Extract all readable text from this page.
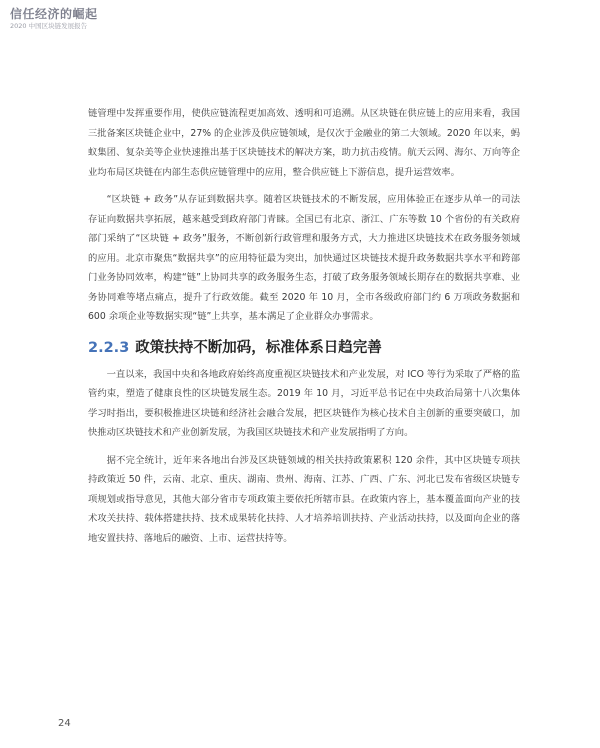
信任经济的崛起
2020 中国区块链发展报告

链管理中发挥重要作用，使供应链流程更加高效、透明和可追溯。从区块链在供应链上的应用来看，我国三批备案区块链企业中，27% 的企业涉及供应链领域，是仅次于金融业的第二大领域。2020 年以来，蚂蚁集团、复杂美等企业快速推出基于区块链技术的解决方案，助力抗击疫情。航天云网、海尔、万向等企业均布局区块链在内部生态供应链管理中的应用，整合供应链上下游信息，提升运营效率。

“区块链 + 政务”从存证到数据共享。随着区块链技术的不断发展，应用体验正在逐步从单一的司法存证向数据共享拓展，越来越受到政府部门青睐。全国已有北京、浙江、广东等数 10 个省份的有关政府部门采纳了“区块链 + 政务”服务，不断创新行政管理和服务方式，大力推进区块链技术在政务服务领域的应用。北京市聚焦“数据共享”的应用特征最为突出，加快通过区块链技术提升政务数据共享水平和跨部门业务协同效率，构建“链”上协同共享的政务服务生态，打破了政务服务领域长期存在的数据共享难、业务协同难等堵点痛点，提升了行政效能。截至 2020 年 10 月，全市各级政府部门约 6 万项政务数据和 600 余项企业等数据实现“链”上共享，基本满足了企业群众办事需求。

2.2.3 政策扶持不断加码，标准体系日趋完善

一直以来，我国中央和各地政府始终高度重视区块链技术和产业发展，对 ICO 等行为采取了严格的监管约束，塑造了健康良性的区块链发展生态。2019 年 10 月，习近平总书记在中央政治局第十八次集体学习时指出，要积极推进区块链和经济社会融合发展，把区块链作为核心技术自主创新的重要突破口，加快推动区块链技术和产业创新发展，为我国区块链技术和产业发展指明了方向。

据不完全统计，近年来各地出台涉及区块链领域的相关扶持政策累积 120 余件，其中区块链专项扶持政策近 50 件，云南、北京、重庆、湖南、贵州、海南、江苏、广西、广东、河北已发布省级区块链专项规划或指导意见，其他大部分省市专项政策主要依托所辖市县。在政策内容上，基本覆盖面向产业的技术攻关扶持、载体搭建扶持、技术成果转化扶持、人才培养培训扶持、产业活动扶持，以及面向企业的落地安置扶持、落地后的融资、上市、运营扶持等。

24
